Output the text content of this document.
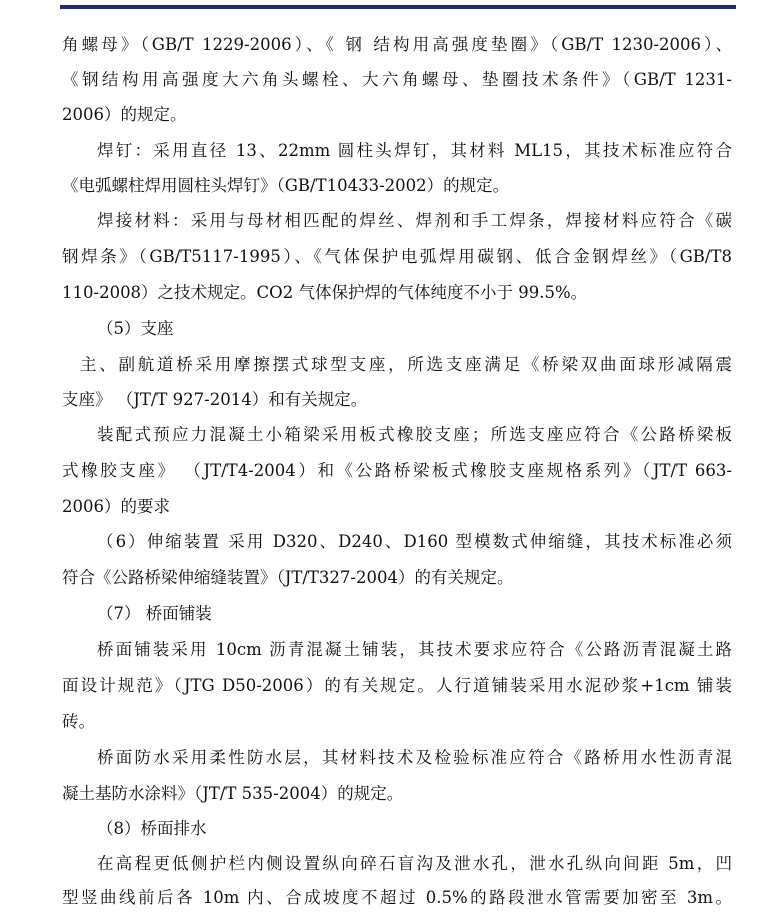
角螺母》（GB/T 1229-2006）、《 钢 结构用高强度垫圈》（GB/T 1230-2006）、
《钢结构用高强度大六角头螺栓、大六角螺母、垫圈技术条件》（GB/T 1231-
2006）的规定。
焊钉：采用直径 13、22mm 圆柱头焊钉，其材料 ML15，其技术标准应符合
《电弧螺柱焊用圆柱头焊钉》（GB/T10433-2002）的规定。
焊接材料：采用与母材相匹配的焊丝、焊剂和手工焊条，焊接材料应符合《碳
钢焊条》（GB/T5117-1995）、《气体保护电弧焊用碳钢、低合金钢焊丝》（GB/T8
110-2008）之技术规定。CO2 气体保护焊的气体纯度不小于 99.5%。
（5）支座
主、副航道桥采用摩擦摆式球型支座，所选支座满足《桥梁双曲面球形减隔震
支座》 （JT/T 927-2014）和有关规定。
装配式预应力混凝土小箱梁采用板式橡胶支座；所选支座应符合《公路桥梁板
式橡胶支座》 （JT/T4-2004）和《公路桥梁板式橡胶支座规格系列》（JT/T 663-
2006）的要求
（6）伸缩装置 采用 D320、D240、D160 型模数式伸缩缝，其技术标准必须
符合《公路桥梁伸缩缝装置》（JT/T327-2004）的有关规定。
（7） 桥面铺装
桥面铺装采用 10cm 沥青混凝土铺装，其技术要求应符合《公路沥青混凝土路
面设计规范》（JTG D50-2006）的有关规定。人行道铺装采用水泥砂浆+1cm 铺装
砖。
桥面防水采用柔性防水层，其材料技术及检验标准应符合《路桥用水性沥青混
凝土基防水涂料》（JT/T 535-2004）的规定。
（8）桥面排水
在高程更低侧护栏内侧设置纵向碎石盲沟及泄水孔，泄水孔纵向间距 5m，凹
型竖曲线前后各 10m 内、合成坡度不超过 0.5%的路段泄水管需要加密至 3m。
